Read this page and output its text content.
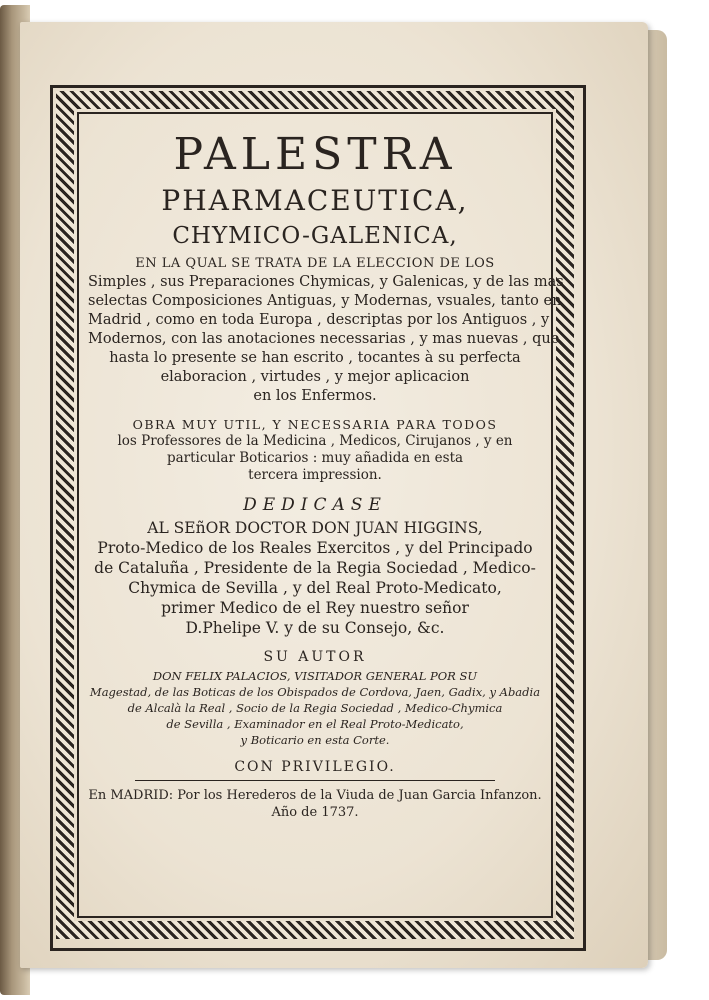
PALESTRA
PHARMACEUTICA,
CHYMICO-GALENICA,
EN LA QUAL SE TRATA DE LA ELECCION DE LOS
Simples , sus Preparaciones Chymicas, y Galenicas, y de las mas
selectas Composiciones Antiguas, y Modernas, vsuales, tanto en
Madrid , como en toda Europa , descriptas por los Antiguos , y
Modernos, con las anotaciones necessarias , y mas nuevas , que
hasta lo presente se han escrito , tocantes à su perfecta
elaboracion , virtudes , y mejor aplicacion
en los Enfermos.
OBRA MUY UTIL, Y NECESSARIA PARA TODOS
los Professores de la Medicina , Medicos, Cirujanos , y en
particular Boticarios : muy añadida en esta
tercera impression.
DEDICASE
AL SEñOR DOCTOR DON JUAN HIGGINS,
Proto-Medico de los Reales Exercitos , y del Principado
de Cataluña , Presidente de la Regia Sociedad , Medico-
Chymica de Sevilla , y del Real Proto-Medicato,
primer Medico de el Rey nuestro señor
D.Phelipe V. y de su Consejo, &c.
SU AUTOR
DON FELIX PALACIOS, VISITADOR GENERAL POR SU
Magestad, de las Boticas de los Obispados de Cordova, Jaen, Gadix, y Abadia
de Alcalà la Real , Socio de la Regia Sociedad , Medico-Chymica
de Sevilla , Examinador en el Real Proto-Medicato,
y Boticario en esta Corte.
CON PRIVILEGIO.
En MADRID: Por los Herederos de la Viuda de Juan Garcia Infanzon.
Año de 1737.
